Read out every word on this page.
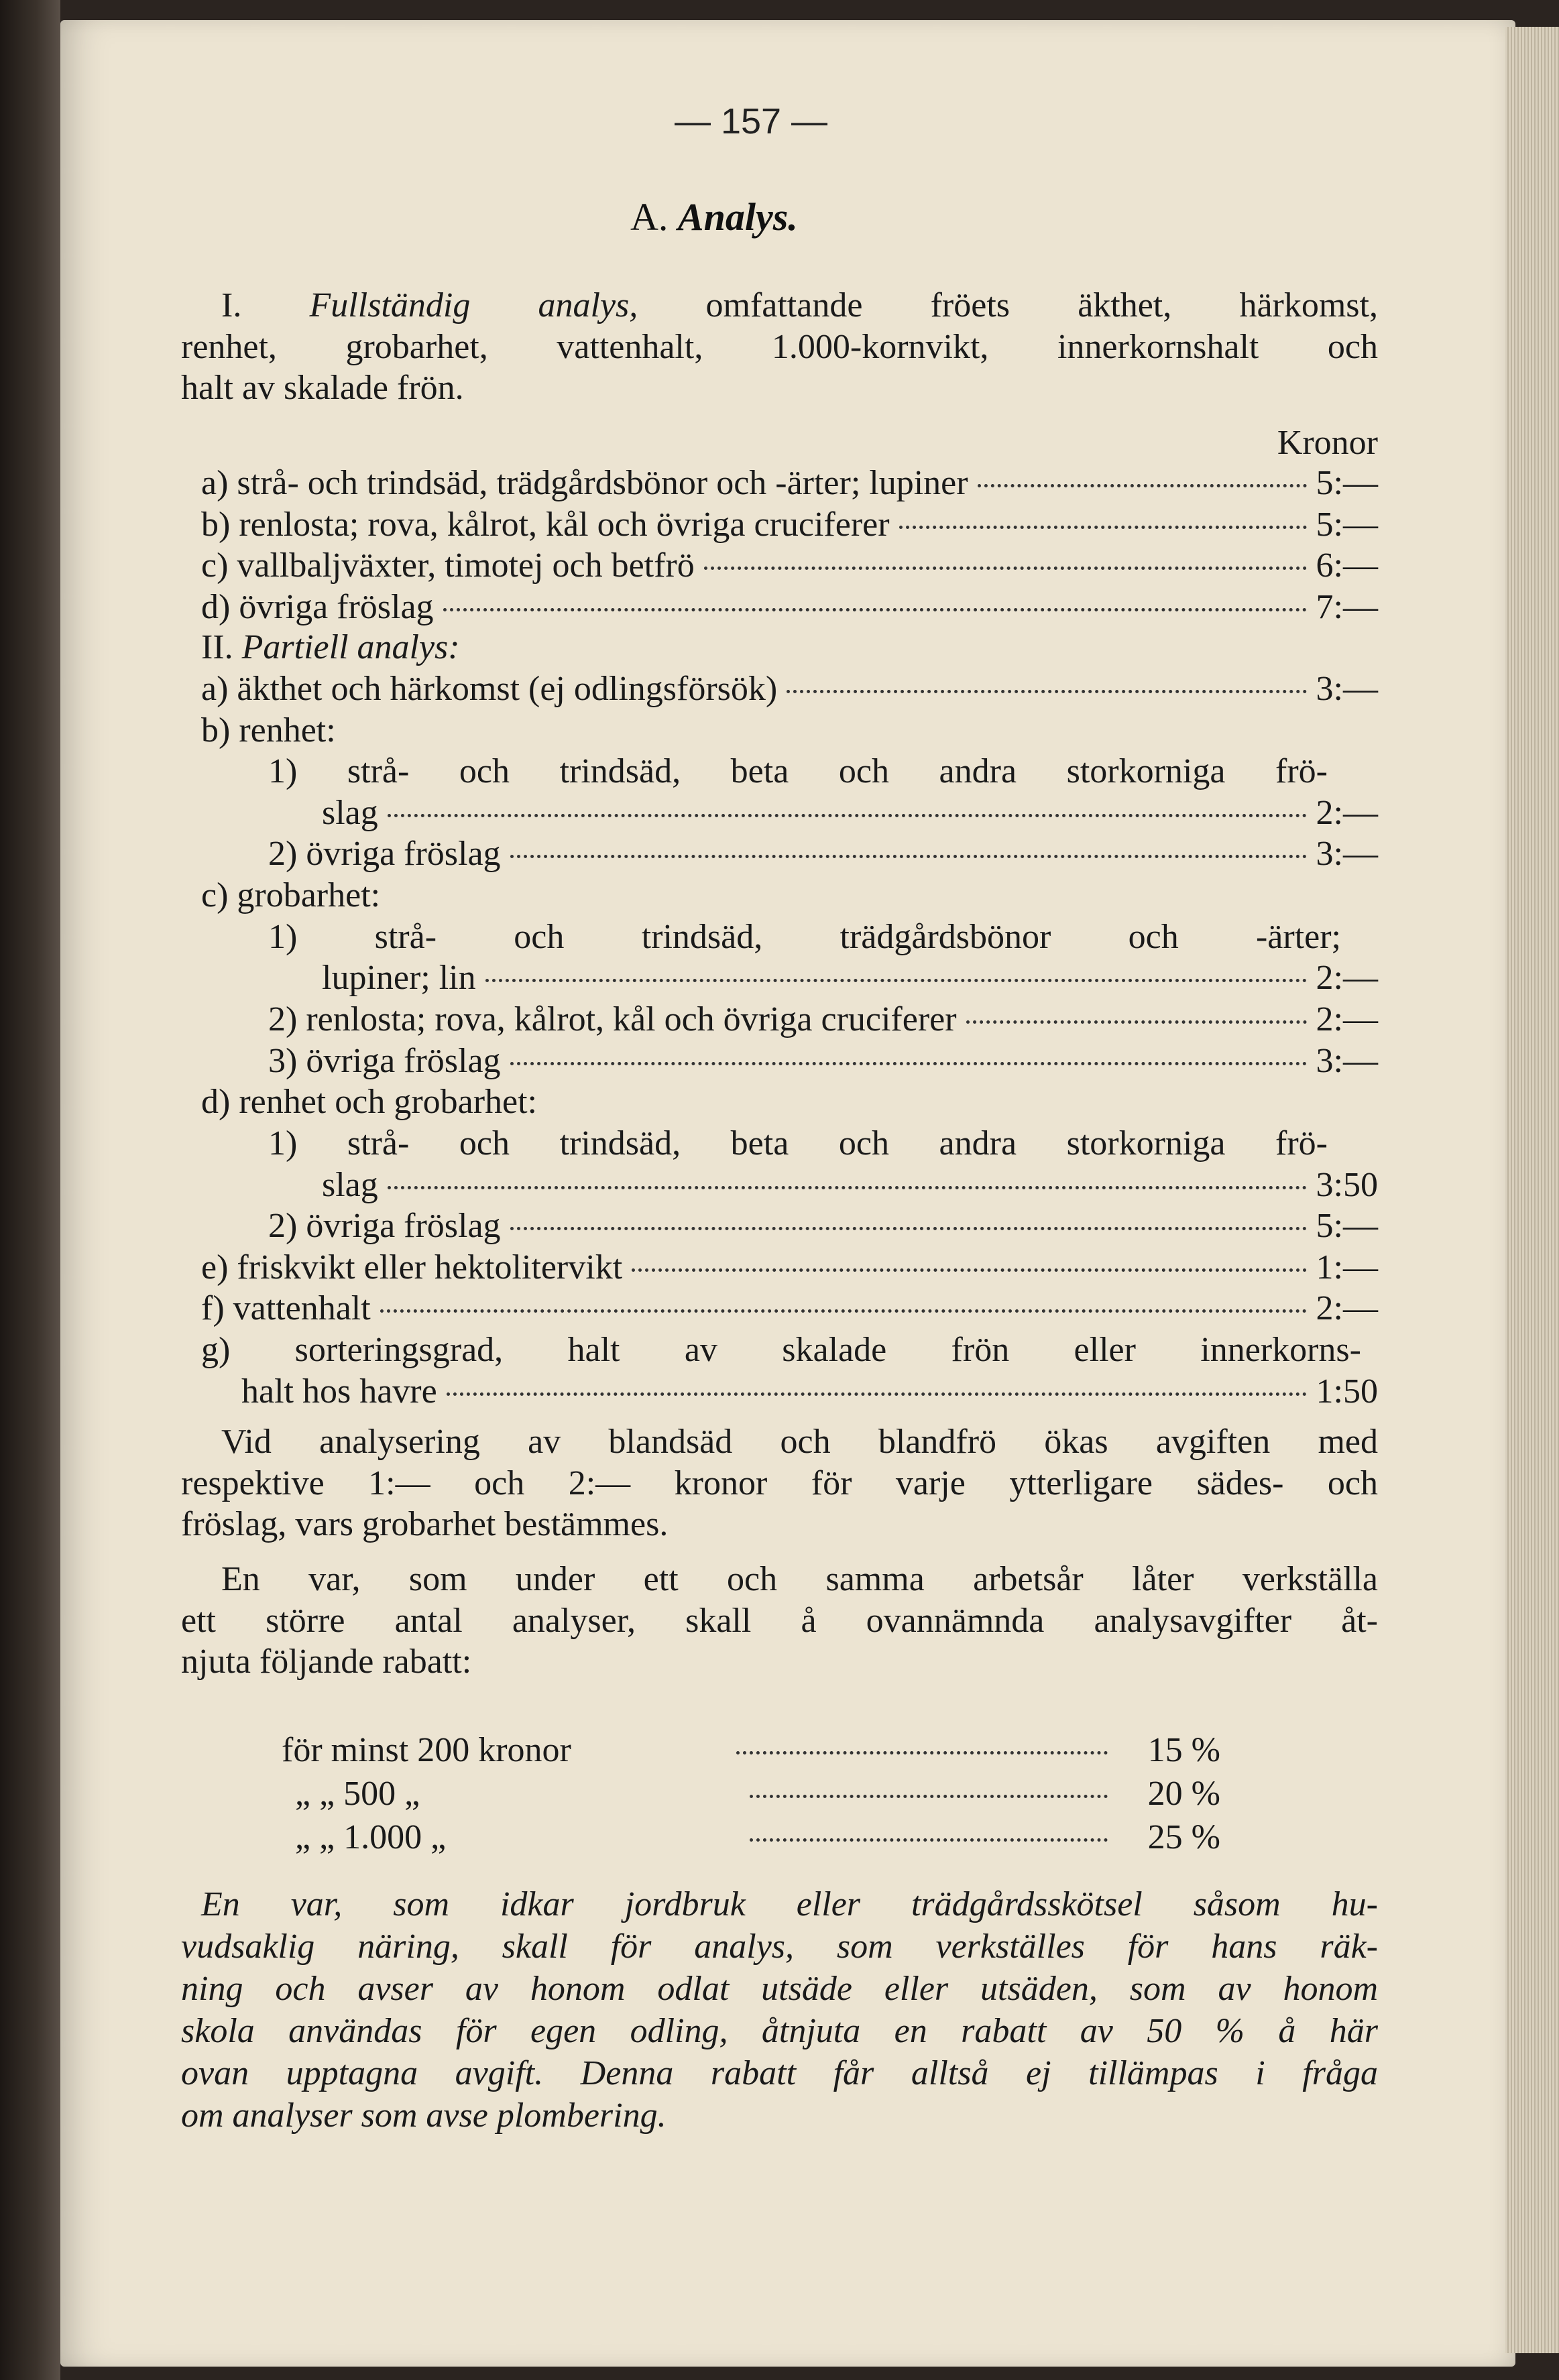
— 157 —
A. Analys.
I. Fullständig analys, omfattande fröets äkthet, härkomst,
renhet, grobarhet, vattenhalt, 1.000-kornvikt, innerkornshalt och
halt av skalade frön.
Kronor
a) strå- och trindsäd, trädgårdsbönor och -ärter; lupiner	5:—
b) renlosta; rova, kålrot, kål och övriga cruciferer	5:—
c) vallbaljväxter, timotej och betfrö	6:—
d) övriga fröslag	7:—
II. Partiell analys:
a) äkthet och härkomst (ej odlingsförsök)	3:—
b) renhet:
1) strå- och trindsäd, beta och andra storkorniga frö-
slag	2:—
2) övriga fröslag	3:—
c) grobarhet:
1) strå- och trindsäd, trädgårdsbönor och -ärter;
lupiner; lin	2:—
2) renlosta; rova, kålrot, kål och övriga cruciferer	2:—
3) övriga fröslag	3:—
d) renhet och grobarhet:
1) strå- och trindsäd, beta och andra storkorniga frö-
slag	3:50
2) övriga fröslag	5:—
e) friskvikt eller hektolitervikt	1:—
f) vattenhalt	2:—
g) sorteringsgrad, halt av skalade frön eller innerkorns-
halt hos havre	1:50
Vid analysering av blandsäd och blandfrö ökas avgiften med
respektive 1:— och 2:— kronor för varje ytterligare sädes- och
fröslag, vars grobarhet bestämmes.
En var, som under ett och samma arbetsår låter verkställa
ett större antal analyser, skall å ovannämnda analysavgifter åt-
njuta följande rabatt:
för minst 200 kronor	15 %
„ „ 500 „	20 %
„ „ 1.000 „	25 %
En var, som idkar jordbruk eller trädgårdsskötsel såsom hu-
vudsaklig näring, skall för analys, som verkställes för hans räk-
ning och avser av honom odlat utsäde eller utsäden, som av honom
skola användas för egen odling, åtnjuta en rabatt av 50 % å här
ovan upptagna avgift. Denna rabatt får alltså ej tillämpas i fråga
om analyser som avse plombering.
